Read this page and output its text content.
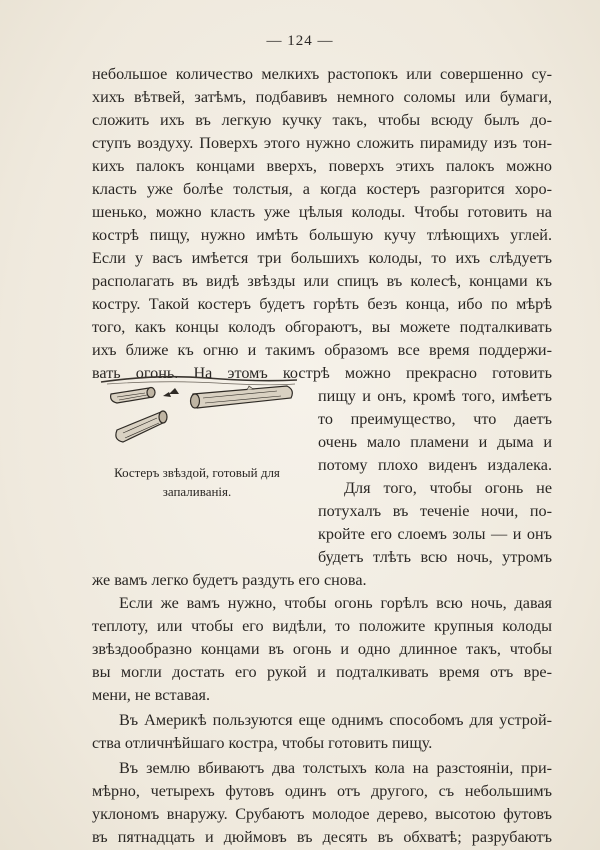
— 124 —
небольшое количество мелкихъ растопокъ или совершенно су-
хихъ вѣтвей, затѣмъ, подбавивъ немного соломы или бумаги,
сложить ихъ въ легкую кучку такъ, чтобы всюду былъ до-
ступъ воздуху. Поверхъ этого нужно сложить пирамиду изъ тон-
кихъ палокъ концами вверхъ, поверхъ этихъ палокъ можно
класть уже болѣе толстыя, а когда костеръ разгорится хоро-
шенько, можно класть уже цѣлыя колоды. Чтобы готовить на
кострѣ пищу, нужно имѣть большую кучу тлѣющихъ углей.
Если у васъ имѣется три большихъ колоды, то ихъ слѣдуетъ
располагать въ видѣ звѣзды или спицъ въ колесѣ, концами къ
костру. Такой костеръ будетъ горѣть безъ конца, ибо по мѣрѣ
того, какъ концы колодъ обгораютъ, вы можете подталкивать
ихъ ближе къ огню и такимъ образомъ все время поддержи-
вать огонь. На этомъ кострѣ можно прекрасно готовить
Костеръ звѣздой, готовый для запаливанія.
пищу и онъ, кромѣ того, имѣетъ
то преимущество, что даетъ
очень мало пламени и дыма и
потому плохо виденъ издалека.
Для того, чтобы огонь не
потухалъ въ теченіе ночи, по-
кройте его слоемъ золы — и онъ
будетъ тлѣть всю ночь, утромъ
же вамъ легко будетъ раздуть его снова.
Если же вамъ нужно, чтобы огонь горѣлъ всю ночь, давая
теплоту, или чтобы его видѣли, то положите крупныя колоды
звѣздообразно концами въ огонь и одно длинное такъ, чтобы
вы могли достать его рукой и подталкивать время отъ вре-
мени, не вставая.
Въ Америкѣ пользуются еще однимъ способомъ для устрой-
ства отличнѣйшаго костра, чтобы готовить пищу.
Въ землю вбиваютъ два толстыхъ кола на разстояніи, при-
мѣрно, четырехъ футовъ одинъ отъ другого, съ небольшимъ
уклономъ внаружу. Срубаютъ молодое дерево, высотою футовъ
въ пятнадцать и дюймовъ въ десять въ обхватѣ; разрубаютъ
